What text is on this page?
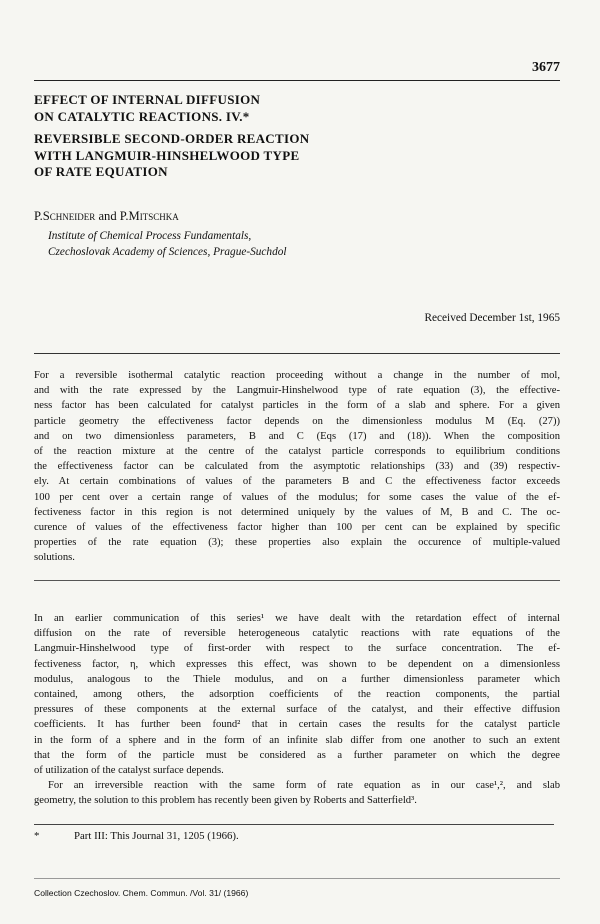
3677
EFFECT OF INTERNAL DIFFUSION
ON CATALYTIC REACTIONS. IV.*
REVERSIBLE SECOND-ORDER REACTION
WITH LANGMUIR-HINSHELWOOD TYPE
OF RATE EQUATION
P.Schneider and P.Mitschka
Institute of Chemical Process Fundamentals,
Czechoslovak Academy of Sciences, Prague-Suchdol
Received December 1st, 1965
For a reversible isothermal catalytic reaction proceeding without a change in the number of mol,
and with the rate expressed by the Langmuir-Hinshelwood type of rate equation (3), the effective-
ness factor has been calculated for catalyst particles in the form of a slab and sphere. For a given
particle geometry the effectiveness factor depends on the dimensionless modulus M (Eq. (27))
and on two dimensionless parameters, B and C (Eqs (17) and (18)). When the composition
of the reaction mixture at the centre of the catalyst particle corresponds to equilibrium conditions
the effectiveness factor can be calculated from the asymptotic relationships (33) and (39) respectiv-
ely. At certain combinations of values of the parameters B and C the effectiveness factor exceeds
100 per cent over a certain range of values of the modulus; for some cases the value of the ef-
fectiveness factor in this region is not determined uniquely by the values of M, B and C. The oc-
curence of values of the effectiveness factor higher than 100 per cent can be explained by specific
properties of the rate equation (3); these properties also explain the occurence of multiple-valued
solutions.
In an earlier communication of this series¹ we have dealt with the retardation effect of internal
diffusion on the rate of reversible heterogeneous catalytic reactions with rate equations of the
Langmuir-Hinshelwood type of first-order with respect to the surface concentration. The ef-
fectiveness factor, η, which expresses this effect, was shown to be dependent on a dimensionless
modulus, analogous to the Thiele modulus, and on a further dimensionless parameter which
contained, among others, the adsorption coefficients of the reaction components, the partial
pressures of these components at the external surface of the catalyst, and their effective diffusion
coefficients. It has further been found² that in certain cases the results for the catalyst particle
in the form of a sphere and in the form of an infinite slab differ from one another to such an extent
that the form of the particle must be considered as a further parameter on which the degree
of utilization of the catalyst surface depends.
For an irreversible reaction with the same form of rate equation as in our case¹,², and slab
geometry, the solution to this problem has recently been given by Roberts and Satterfield³.
*	Part III: This Journal 31, 1205 (1966).
Collection Czechoslov. Chem. Commun. /Vol. 31/ (1966)
